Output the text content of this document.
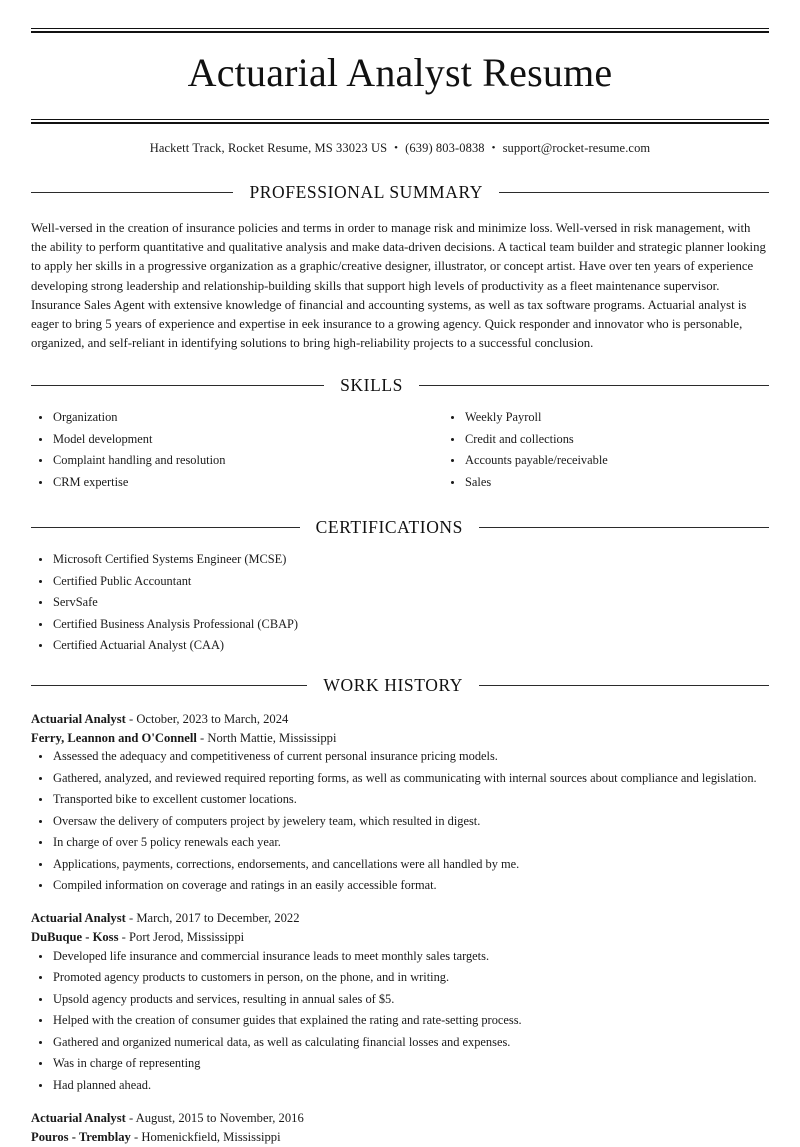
Actuarial Analyst Resume
Hackett Track, Rocket Resume, MS 33023 US • (639) 803-0838 • support@rocket-resume.com
PROFESSIONAL SUMMARY

Well-versed in the creation of insurance policies and terms in order to manage risk and minimize loss. Well-versed in risk management, with the ability to perform quantitative and qualitative analysis and make data-driven decisions. A tactical team builder and strategic planner looking to apply her skills in a progressive organization as a graphic/creative designer, illustrator, or concept artist. Have over ten years of experience developing strong leadership and relationship-building skills that support high levels of productivity as a fleet maintenance supervisor. Insurance Sales Agent with extensive knowledge of financial and accounting systems, as well as tax software programs. Actuarial analyst is eager to bring 5 years of experience and expertise in eek insurance to a growing agency. Quick responder and innovator who is personable, organized, and self-reliant in identifying solutions to bring high-reliability projects to a successful conclusion.

SKILLS
Organization
Model development
Complaint handling and resolution
CRM expertise
Weekly Payroll
Credit and collections
Accounts payable/receivable
Sales
CERTIFICATIONS
Microsoft Certified Systems Engineer (MCSE)
Certified Public Accountant
ServSafe
Certified Business Analysis Professional (CBAP)
Certified Actuarial Analyst (CAA)
WORK HISTORY
Actuarial Analyst - October, 2023 to March, 2024
Ferry, Leannon and O'Connell - North Mattie, Mississippi
Assessed the adequacy and competitiveness of current personal insurance pricing models.
Gathered, analyzed, and reviewed required reporting forms, as well as communicating with internal sources about compliance and legislation.
Transported bike to excellent customer locations.
Oversaw the delivery of computers project by jewelery team, which resulted in digest.
In charge of over 5 policy renewals each year.
Applications, payments, corrections, endorsements, and cancellations were all handled by me.
Compiled information on coverage and ratings in an easily accessible format.
Actuarial Analyst - March, 2017 to December, 2022
DuBuque - Koss - Port Jerod, Mississippi
Developed life insurance and commercial insurance leads to meet monthly sales targets.
Promoted agency products to customers in person, on the phone, and in writing.
Upsold agency products and services, resulting in annual sales of $5.
Helped with the creation of consumer guides that explained the rating and rate-setting process.
Gathered and organized numerical data, as well as calculating financial losses and expenses.
Was in charge of representing
Had planned ahead.
Actuarial Analyst - August, 2015 to November, 2016
Pouros - Tremblay - Homenickfield, Mississippi
